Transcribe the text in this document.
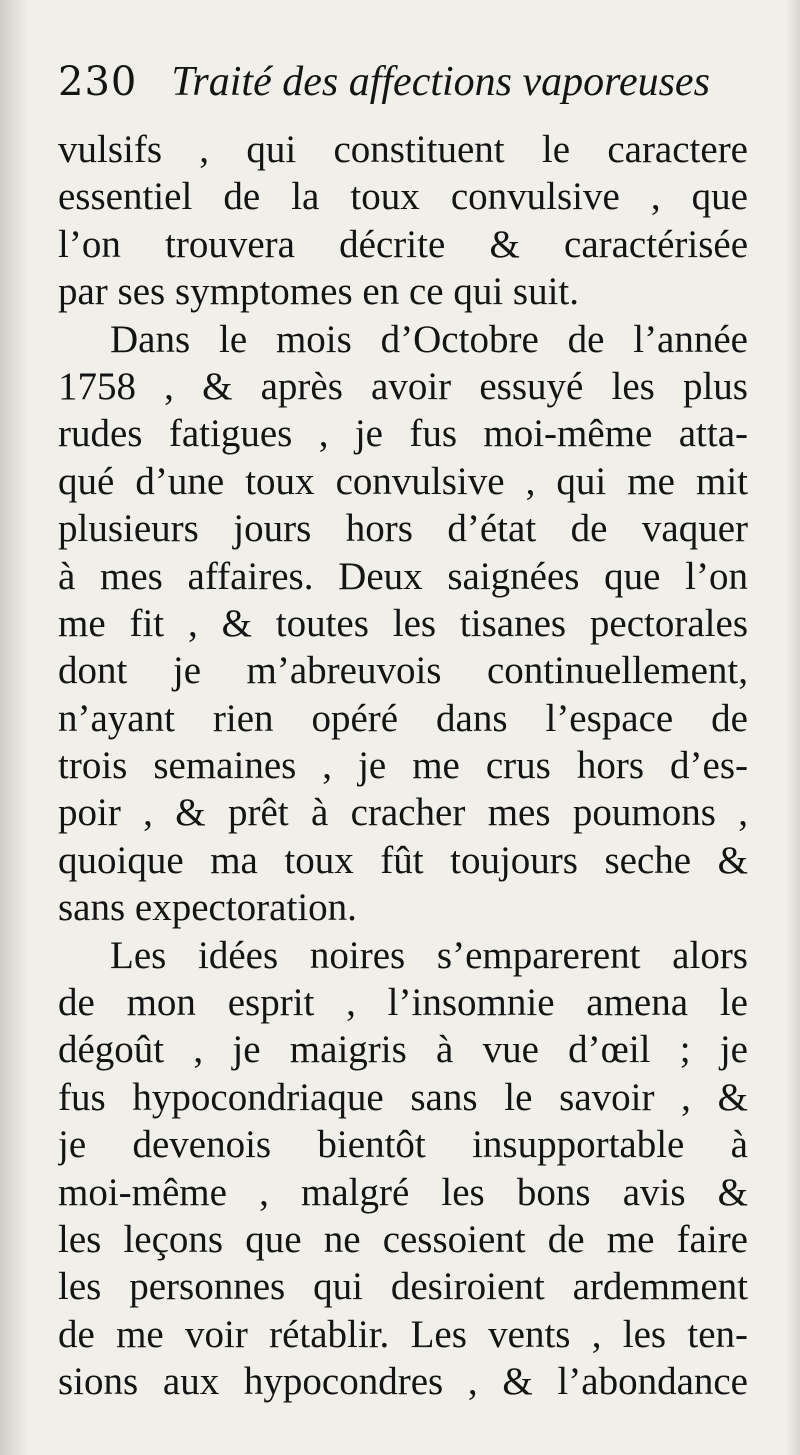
230 Traité des affections vaporeuses
vulsifs , qui constituent le caractere
essentiel de la toux convulsive , que
l’on trouvera décrite & caractérisée
par ses symptomes en ce qui suit.
Dans le mois d’Octobre de l’année
1758 , & après avoir essuyé les plus
rudes fatigues , je fus moi-même atta-
qué d’une toux convulsive , qui me mit
plusieurs jours hors d’état de vaquer
à mes affaires. Deux saignées que l’on
me fit , & toutes les tisanes pectorales
dont je m’abreuvois continuellement,
n’ayant rien opéré dans l’espace de
trois semaines , je me crus hors d’es-
poir , & prêt à cracher mes poumons ,
quoique ma toux fût toujours seche &
sans expectoration.
Les idées noires s’emparerent alors
de mon esprit , l’insomnie amena le
dégoût , je maigris à vue d’œil ; je
fus hypocondriaque sans le savoir , &
je devenois bientôt insupportable à
moi-même , malgré les bons avis &
les leçons que ne cessoient de me faire
les personnes qui desiroient ardemment
de me voir rétablir. Les vents , les ten-
sions aux hypocondres , & l’abondance
